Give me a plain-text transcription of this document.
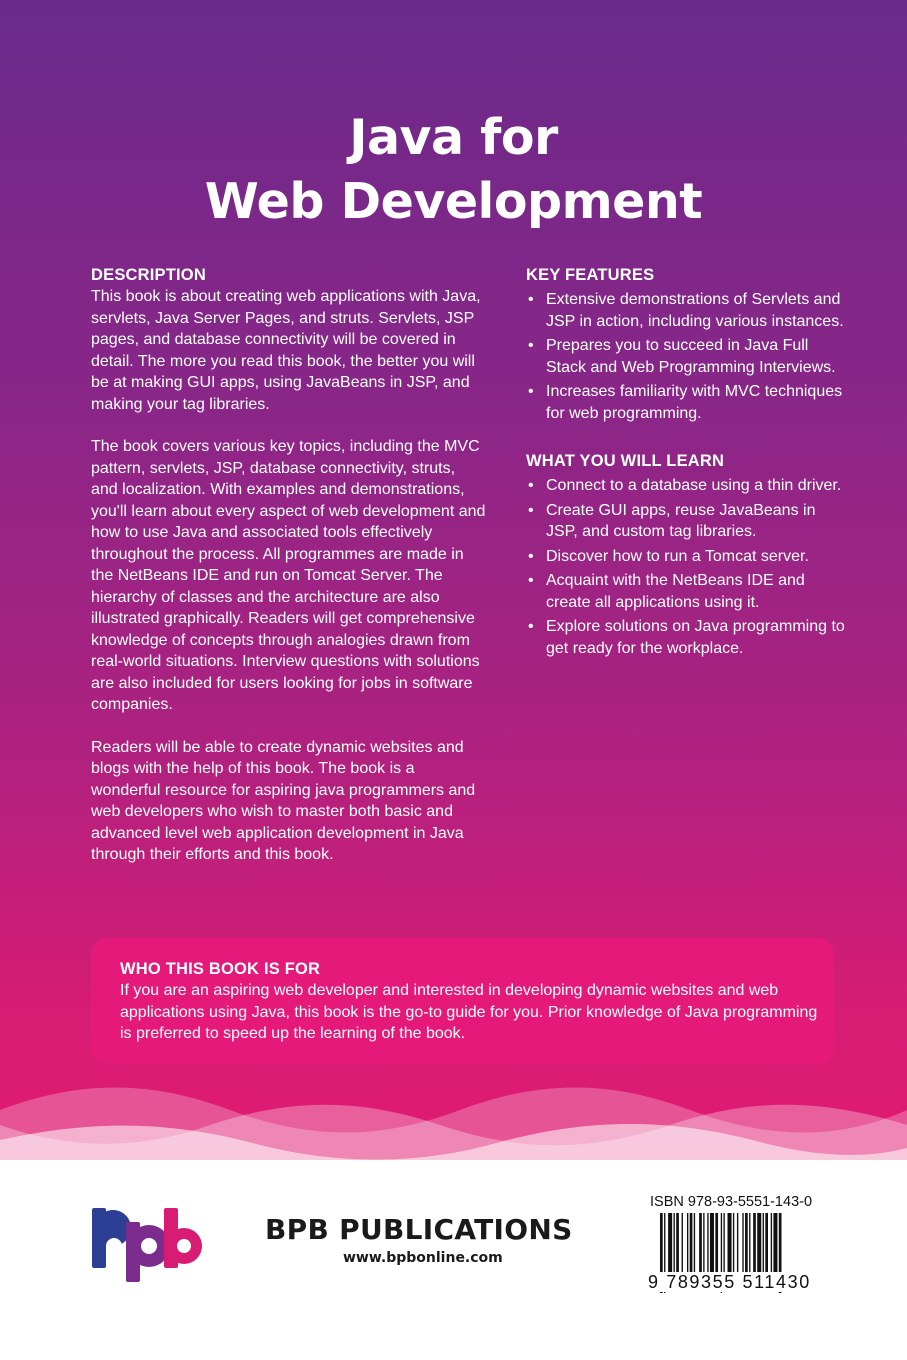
Java for
Web Development
DESCRIPTION

This book is about creating web applications with Java, servlets, Java Server Pages, and struts. Servlets, JSP pages, and database connectivity will be covered in detail. The more you read this book, the better you will be at making GUI apps, using JavaBeans in JSP, and making your tag libraries.

The book covers various key topics, including the MVC pattern, servlets, JSP, database connectivity, struts, and localization. With examples and demonstrations, you'll learn about every aspect of web development and how to use Java and associated tools effectively throughout the process. All programmes are made in the NetBeans IDE and run on Tomcat Server. The hierarchy of classes and the architecture are also illustrated graphically. Readers will get comprehensive knowledge of concepts through analogies drawn from real-world situations. Interview questions with solutions are also included for users looking for jobs in software companies.

Readers will be able to create dynamic websites and blogs with the help of this book. The book is a wonderful resource for aspiring java programmers and web developers who wish to master both basic and advanced level web application development in Java through their efforts and this book.

KEY FEATURES
• Extensive demonstrations of Servlets and JSP in action, including various instances.
• Prepares you to succeed in Java Full Stack and Web Programming Interviews.
• Increases familiarity with MVC techniques for web programming.
WHAT YOU WILL LEARN
• Connect to a database using a thin driver.
• Create GUI apps, reuse JavaBeans in JSP, and custom tag libraries.
• Discover how to run a Tomcat server.
• Acquaint with the NetBeans IDE and create all applications using it.
• Explore solutions on Java programming to get ready for the workplace.
WHO THIS BOOK IS FOR

If you are an aspiring web developer and interested in developing dynamic websites and web applications using Java, this book is the go-to guide for you. Prior knowledge of Java programming is preferred to speed up the learning of the book.

BPB PUBLICATIONS
www.bpbonline.com
ISBN 978-93-5551-143-0
9 789355 511430
